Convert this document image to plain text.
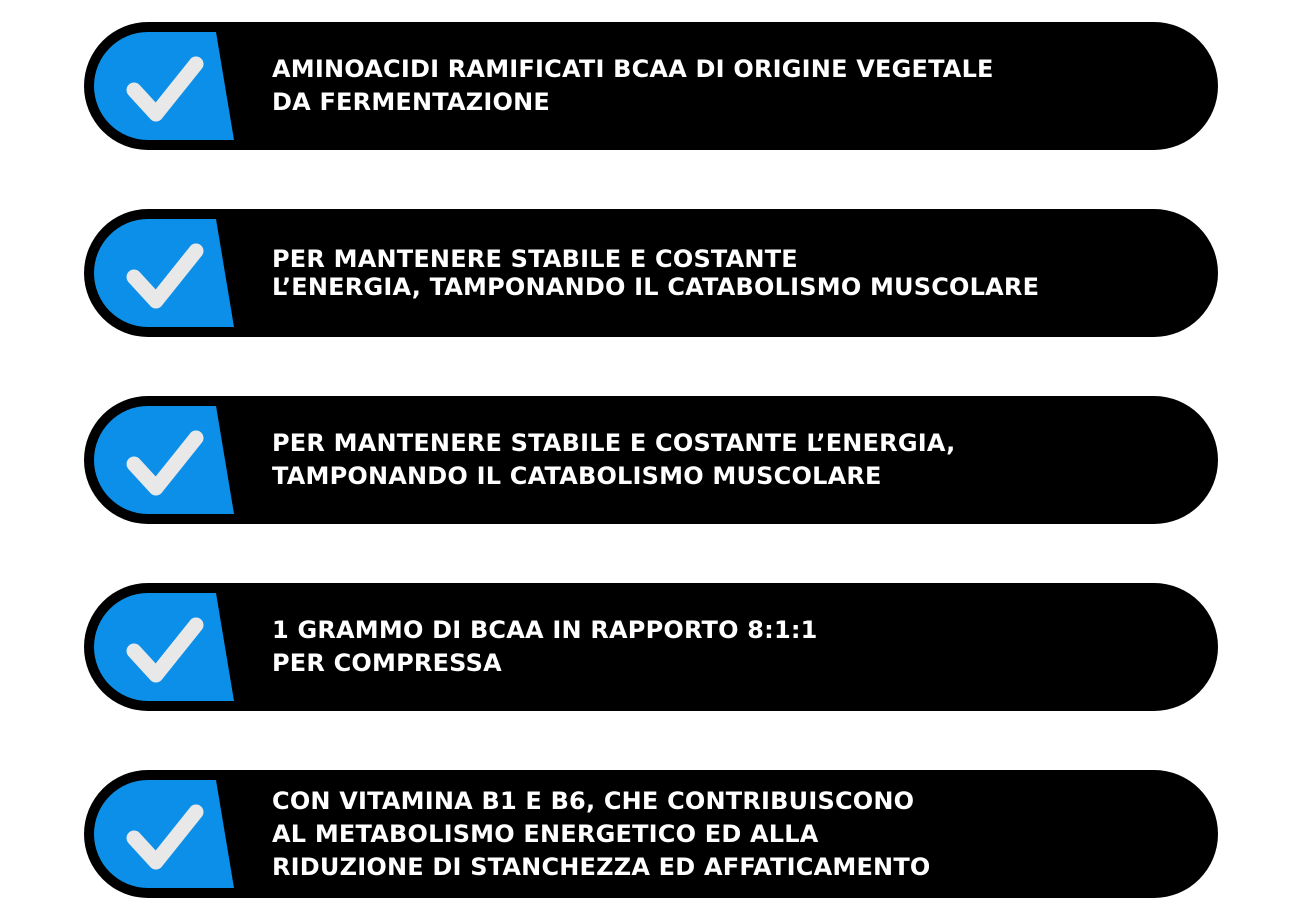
AMINOACIDI RAMIFICATI BCAA DI ORIGINE VEGETALE
DA FERMENTAZIONE
PER MANTENERE STABILE E COSTANTE
L’ENERGIA, TAMPONANDO IL CATABOLISMO MUSCOLARE
PER MANTENERE STABILE E COSTANTE L’ENERGIA,
TAMPONANDO IL CATABOLISMO MUSCOLARE
1 GRAMMO DI BCAA IN RAPPORTO 8:1:1
PER COMPRESSA
CON VITAMINA B1 E B6, CHE CONTRIBUISCONO
AL METABOLISMO ENERGETICO ED ALLA
RIDUZIONE DI STANCHEZZA ED AFFATICAMENTO
